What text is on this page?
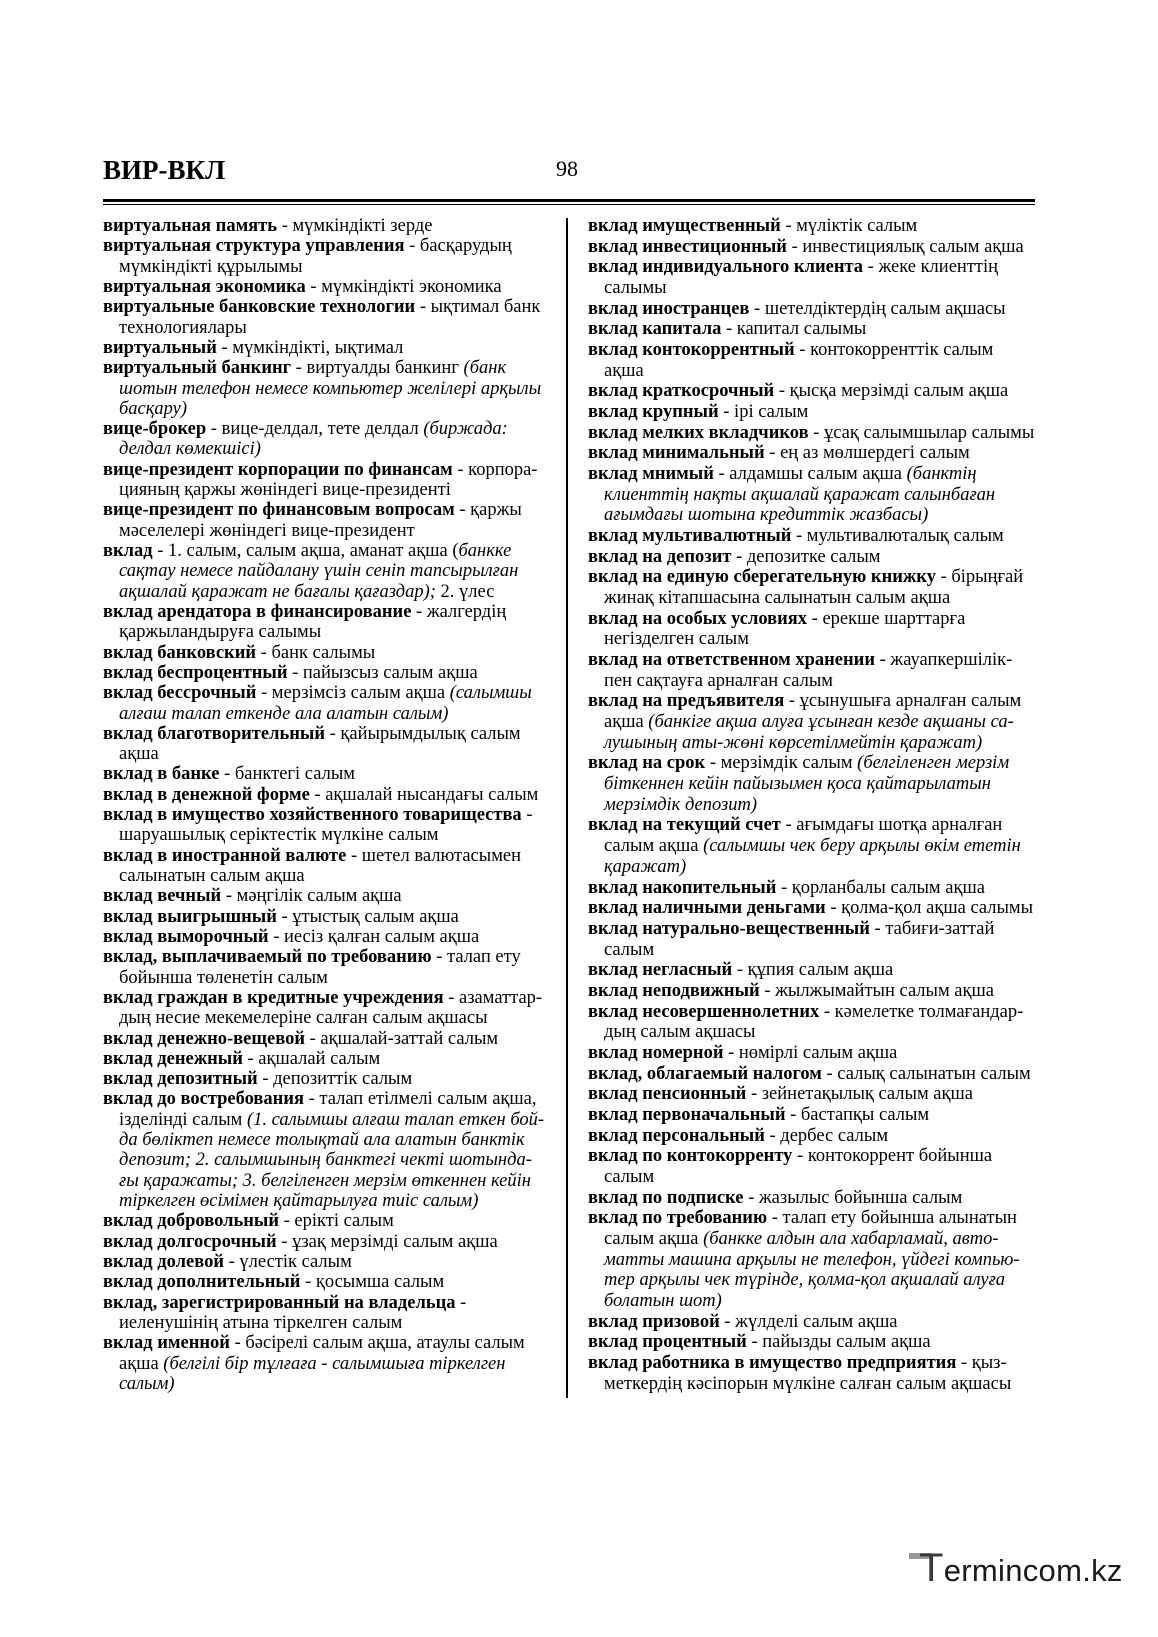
ВИР-ВКЛ	98
виртуальная память - мүмкіндікті зерде
виртуальная структура управления - басқарудың
мүмкіндікті құрылымы
виртуальная экономика - мүмкіндікті экономика
виртуальные банковские технологии - ықтимал банк
технологиялары
виртуальный - мүмкіндікті, ықтимал
виртуальный банкинг - виртуалды банкинг (банк
шотын телефон немесе компьютер желілері арқылы
басқару)
вице-брокер - вице-делдал, тете делдал (биржада:
делдал көмекшісі)
вице-президент корпорации по финансам - корпора-
цияның қаржы жөніндегі вице-президенті
вице-президент по финансовым вопросам - қаржы
мәселелері жөніндегі вице-президент
вклад - 1. салым, салым ақша, аманат ақша (банкке
сақтау немесе пайдалану үшін сеніп тапсырылған
ақшалай қаражат не бағалы қағаздар); 2. үлес
вклад арендатора в финансирование - жалгердің
қаржыландыруға салымы
вклад банковский - банк салымы
вклад беспроцентный - пайызсыз салым ақша
вклад бессрочный - мерзімсіз салым ақша (салымшы
алғаш талап еткенде ала алатын салым)
вклад благотворительный - қайырымдылық салым
ақша
вклад в банке - банктегі салым
вклад в денежной форме - ақшалай нысандағы салым
вклад в имущество хозяйственного товарищества -
шаруашылық серіктестік мүлкіне салым
вклад в иностранной валюте - шетел валютасымен
салынатын салым ақша
вклад вечный - мәңгілік салым ақша
вклад выигрышный - ұтыстық салым ақша
вклад выморочный - иесіз қалған салым ақша
вклад, выплачиваемый по требованию - талап ету
бойынша төленетін салым
вклад граждан в кредитные учреждения - азаматтар-
дың несие мекемелеріне салған салым ақшасы
вклад денежно-вещевой - ақшалай-заттай салым
вклад денежный - ақшалай салым
вклад депозитный - депозиттік салым
вклад до востребования - талап етілмелі салым ақша,
ізделінді салым (1. салымшы алғаш талап еткен бой-
да бөліктеп немесе толықтай ала алатын банктік
депозит; 2. салымшының банктегі чекті шотында-
ғы қаражаты; 3. белгіленген мерзім өткеннен кейін
тіркелген өсімімен қайтарылуға тиіс салым)
вклад добровольный - ерікті салым
вклад долгосрочный - ұзақ мерзімді салым ақша
вклад долевой - үлестік салым
вклад дополнительный - қосымша салым
вклад, зарегистрированный на владельца -
иеленушінің атына тіркелген салым
вклад именной - бәсірелі салым ақша, атаулы салым
ақша (белгілі бір тұлғаға - салымшыға тіркелген
салым)
вклад имущественный - мүліктік салым
вклад инвестиционный - инвестициялық салым ақша
вклад индивидуального клиента - жеке клиенттің
салымы
вклад иностранцев - шетелдіктердің салым ақшасы
вклад капитала - капитал салымы
вклад контокоррентный - контокорренттік салым
ақша
вклад краткосрочный - қысқа мерзімді салым ақша
вклад крупный - ірі салым
вклад мелких вкладчиков - ұсақ салымшылар салымы
вклад минимальный - ең аз мөлшердегі салым
вклад мнимый - алдамшы салым ақша (банктің
клиенттің нақты ақшалай қаражат салынбаған
ағымдағы шотына кредиттік жазбасы)
вклад мультивалютный - мультивалюталық салым
вклад на депозит - депозитке салым
вклад на единую сберегательную книжку - бірыңғай
жинақ кітапшасына салынатын салым ақша
вклад на особых условиях - ерекше шарттарға
негізделген салым
вклад на ответственном хранении - жауапкершілік-
пен сақтауға арналған салым
вклад на предъявителя - ұсынушыға арналған салым
ақша (банкіге ақша алуға ұсынған кезде ақшаны са-
лушының аты-жөні көрсетілмейтін қаражат)
вклад на срок - мерзімдік салым (белгіленген мерзім
біткеннен кейін пайызымен қоса қайтарылатын
мерзімдік депозит)
вклад на текущий счет - ағымдағы шотқа арналған
салым ақша (салымшы чек беру арқылы өкім ететін
қаражат)
вклад накопительный - қорланбалы салым ақша
вклад наличными деньгами - қолма-қол ақша салымы
вклад натурально-вещественный - табиғи-заттай
салым
вклад негласный - құпия салым ақша
вклад неподвижный - жылжымайтын салым ақша
вклад несовершеннолетних - кәмелетке толмағандар-
дың салым ақшасы
вклад номерной - нөмірлі салым ақша
вклад, облагаемый налогом - салық салынатын салым
вклад пенсионный - зейнетақылық салым ақша
вклад первоначальный - бастапқы салым
вклад персональный - дербес салым
вклад по контокорренту - контокоррент бойынша
салым
вклад по подписке - жазылыс бойынша салым
вклад по требованию - талап ету бойынша алынатын
салым ақша (банкке алдын ала хабарламай, авто-
матты машина арқылы не телефон, үйдегі компью-
тер арқылы чек түрінде, қолма-қол ақшалай алуға
болатын шот)
вклад призовой - жүлделі салым ақша
вклад процентный - пайызды салым ақша
вклад работника в имущество предприятия - қыз-
меткердің кәсіпорын мүлкіне салған салым ақшасы
Termincom.kz
